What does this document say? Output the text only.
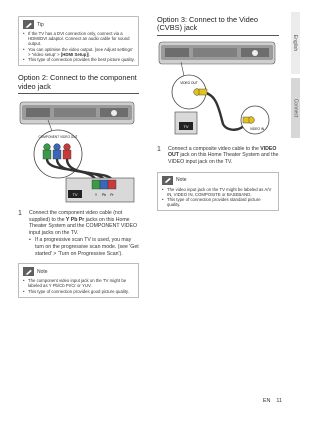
English
Connect
Tip
• If the TV has a DVI connection only, connect via a HDMI/DVI adaptor. Connect an audio cable for sound output.
• You can optimise the video output. (see Adjust settings' > 'Video setup' > [HDMI Setup]).
• This type of connection provides the best picture quality.
Option 2: Connect to the component video jack
COMPONENT VIDEO OUT
TV	Y Pb Pr
1	Connect the component video cable (not supplied) to the Y Pb Pr jacks on this Home Theater System and the COMPONENT VIDEO input jacks on the TV.
• If a progressive scan TV is used, you may turn on the progressive scan mode. (see 'Get started' > 'Turn on Progressive Scan').
Note
• The component video input jack on the TV might be labeled as Y Pb/Cb Pr/Cr or YUV.
• This type of connection provides good picture quality.
Option 3: Connect to the Video (CVBS) jack
VIDEO OUT
TV	VIDEO IN
1	Connect a composite video cable to the VIDEO OUT jack on this Home Theater System and the VIDEO input jack on the TV.
Note
• The video input jack on the TV might be labeled as A/V IN, VIDEO IN, COMPOSITE or BASEBAND.
• This type of connection provides standard picture quality.
EN 11
